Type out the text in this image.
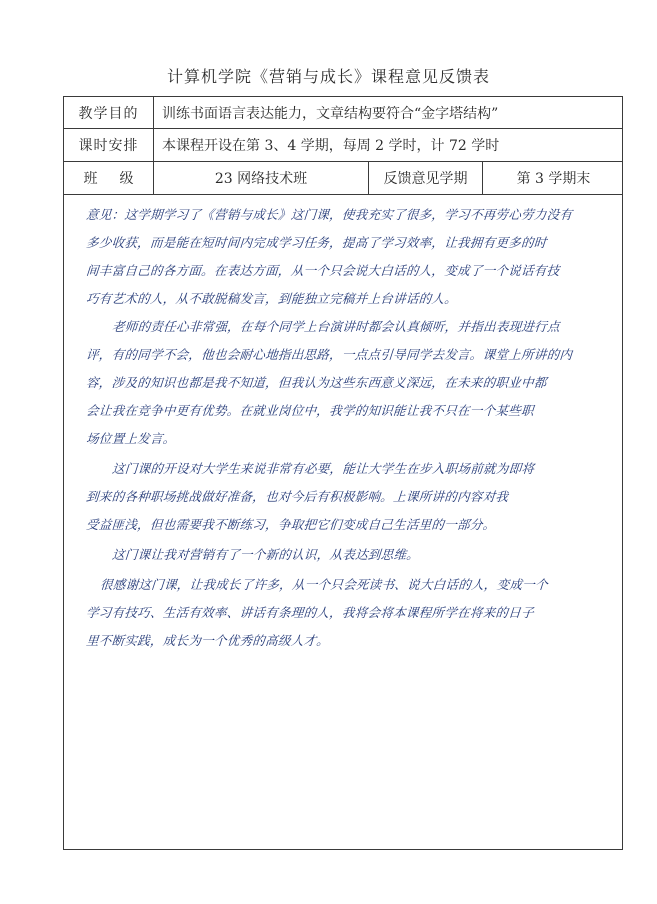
计算机学院《营销与成长》课程意见反馈表
教学目的	训练书面语言表达能力，文章结构要符合“金字塔结构”
课时安排	本课程开设在第 3、4 学期，每周 2 学时，计 72 学时
班级	23 网络技术班	反馈意见学期	第 3 学期末
意见：这学期学习了《营销与成长》这门课，使我充实了很多，学习不再劳心劳力没有
多少收获，而是能在短时间内完成学习任务，提高了学习效率，让我拥有更多的时
间丰富自己的各方面。在表达方面，从一个只会说大白话的人，变成了一个说话有技
巧有艺术的人，从不敢脱稿发言，到能独立完稿并上台讲话的人。
老师的责任心非常强，在每个同学上台演讲时都会认真倾听，并指出表现进行点
评，有的同学不会，他也会耐心地指出思路，一点点引导同学去发言。课堂上所讲的内
容，涉及的知识也都是我不知道，但我认为这些东西意义深远，在未来的职业中都
会让我在竞争中更有优势。在就业岗位中，我学的知识能让我不只在一个某些职
场位置上发言。
这门课的开设对大学生来说非常有必要，能让大学生在步入职场前就为即将
到来的各种职场挑战做好准备，也对今后有积极影响。上课所讲的内容对我
受益匪浅，但也需要我不断练习，争取把它们变成自己生活里的一部分。
这门课让我对营销有了一个新的认识，从表达到思维。
很感谢这门课，让我成长了许多，从一个只会死读书、说大白话的人，变成一个
学习有技巧、生活有效率、讲话有条理的人，我将会将本课程所学在将来的日子
里不断实践，成长为一个优秀的高级人才。
